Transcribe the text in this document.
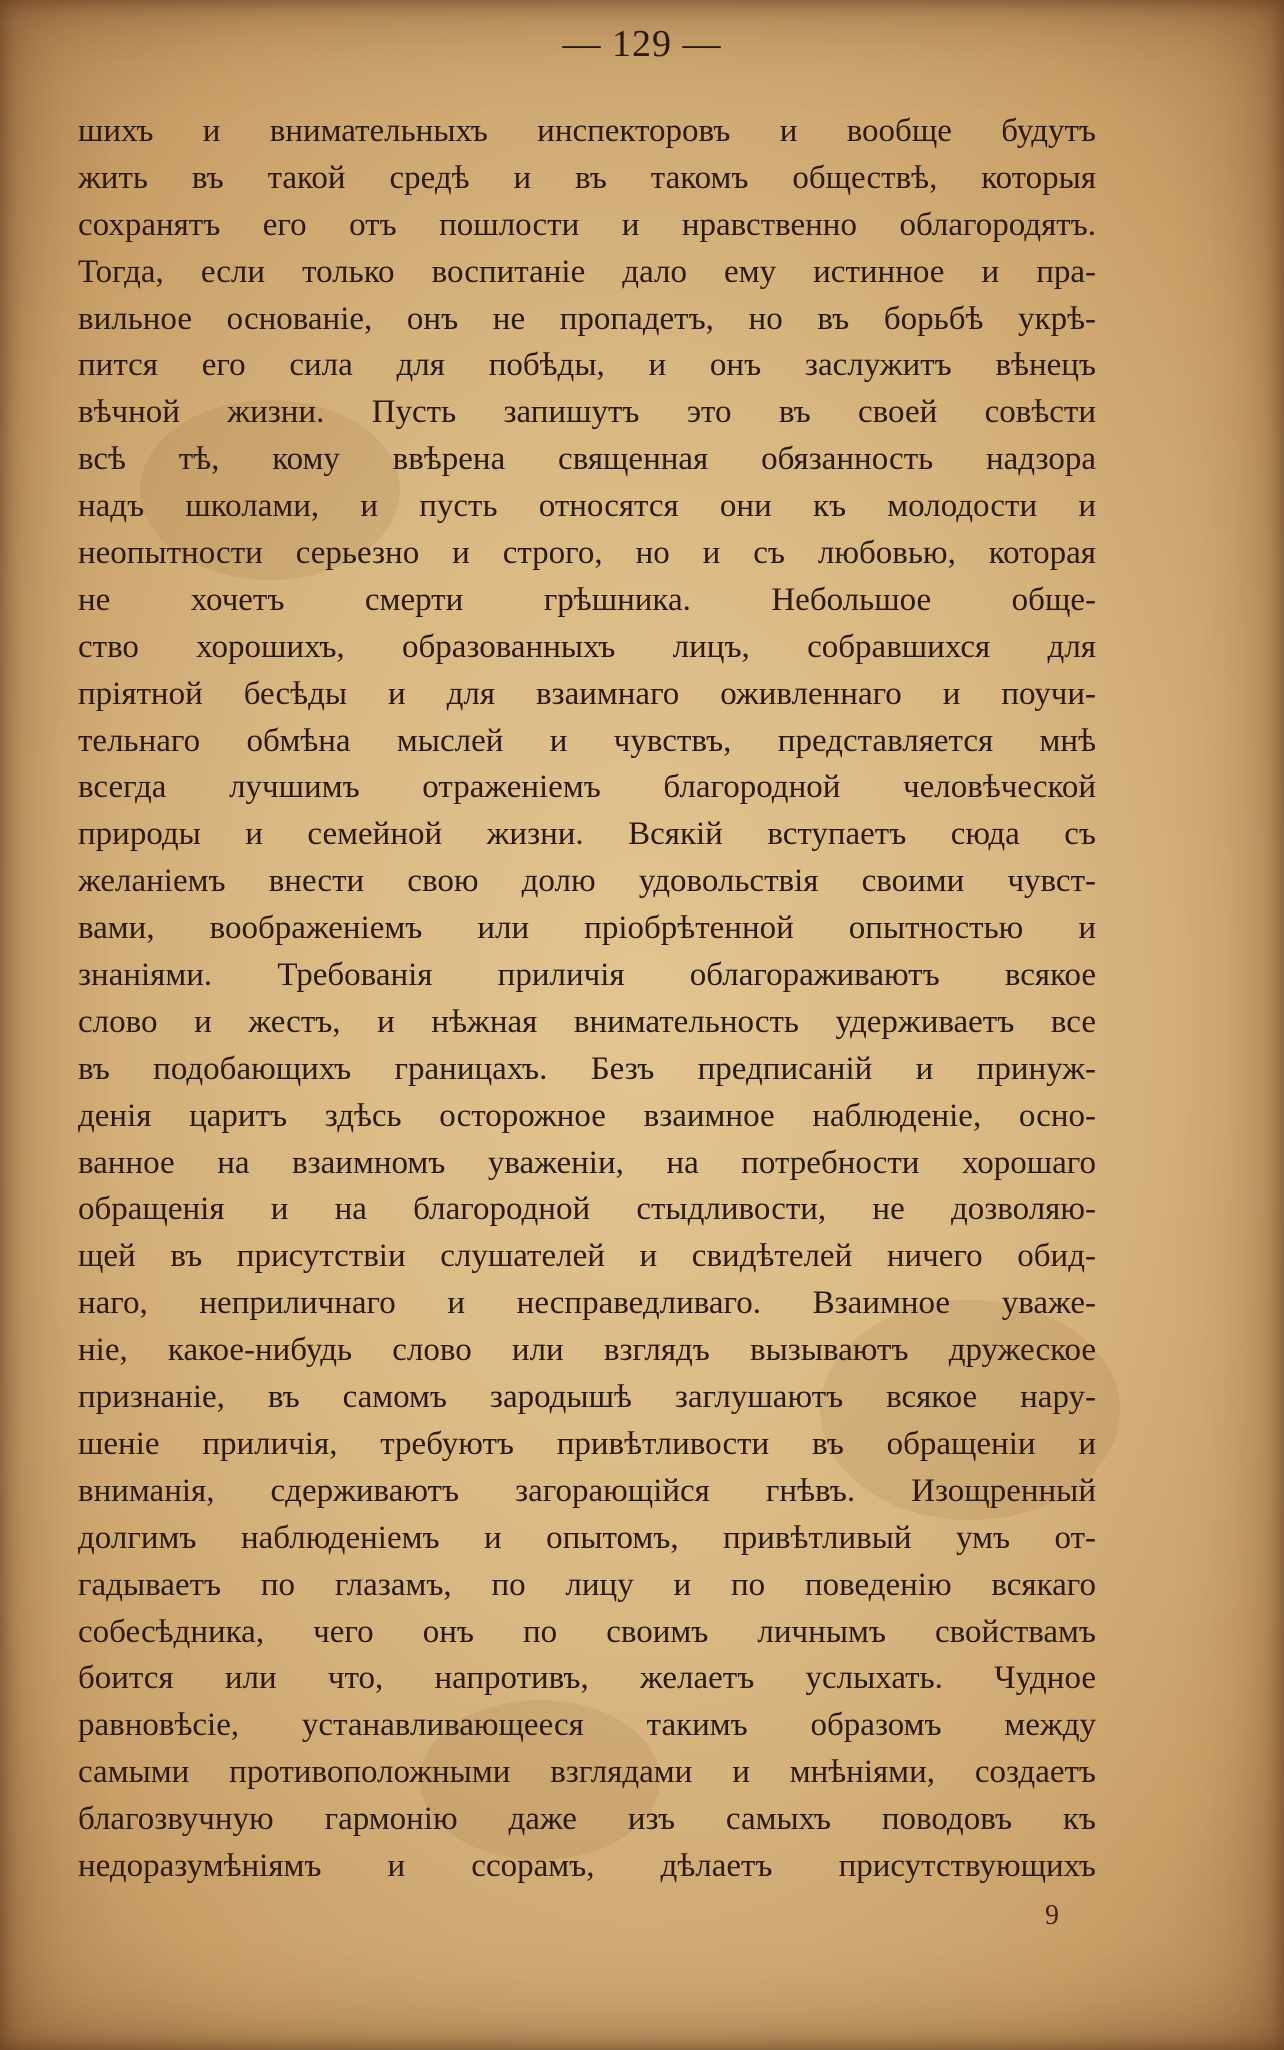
— 129 —
шихъ и внимательныхъ инспекторовъ и вообще будутъ
жить въ такой средѣ и въ такомъ обществѣ, которыя
сохранятъ его отъ пошлости и нравственно облагородятъ.
Тогда, если только воспитаніе дало ему истинное и пра-
вильное основаніе, онъ не пропадетъ, но въ борьбѣ укрѣ-
пится его сила для побѣды, и онъ заслужитъ вѣнецъ
вѣчной жизни. Пусть запишутъ это въ своей совѣсти
всѣ тѣ, кому ввѣрена священная обязанность надзора
надъ школами, и пусть относятся они къ молодости и
неопытности серьезно и строго, но и съ любовью, которая
не хочетъ смерти грѣшника. Небольшое обще-
ство хорошихъ, образованныхъ лицъ, собравшихся для
пріятной бесѣды и для взаимнаго оживленнаго и поучи-
тельнаго обмѣна мыслей и чувствъ, представляется мнѣ
всегда лучшимъ отраженіемъ благородной человѣческой
природы и семейной жизни. Всякій вступаетъ сюда съ
желаніемъ внести свою долю удовольствія своими чувст-
вами, воображеніемъ или пріобрѣтенной опытностью и
знаніями. Требованія приличія облагораживаютъ всякое
слово и жестъ, и нѣжная внимательность удерживаетъ все
въ подобающихъ границахъ. Безъ предписаній и принуж-
денія царитъ здѣсь осторожное взаимное наблюденіе, осно-
ванное на взаимномъ уваженіи, на потребности хорошаго
обращенія и на благородной стыдливости, не дозволяю-
щей въ присутствіи слушателей и свидѣтелей ничего обид-
наго, неприличнаго и несправедливаго. Взаимное уваже-
ніе, какое-нибудь слово или взглядъ вызываютъ дружеское
признаніе, въ самомъ зародышѣ заглушаютъ всякое нару-
шеніе приличія, требуютъ привѣтливости въ обращеніи и
вниманія, сдерживаютъ загорающійся гнѣвъ. Изощренный
долгимъ наблюденіемъ и опытомъ, привѣтливый умъ от-
гадываетъ по глазамъ, по лицу и по поведенію всякаго
собесѣдника, чего онъ по своимъ личнымъ свойствамъ
боится или что, напротивъ, желаетъ услыхать. Чудное
равновѣсіе, устанавливающееся такимъ образомъ между
самыми противоположными взглядами и мнѣніями, создаетъ
благозвучную гармонію даже изъ самыхъ поводовъ къ
недоразумѣніямъ и ссорамъ, дѣлаетъ присутствующихъ
9
